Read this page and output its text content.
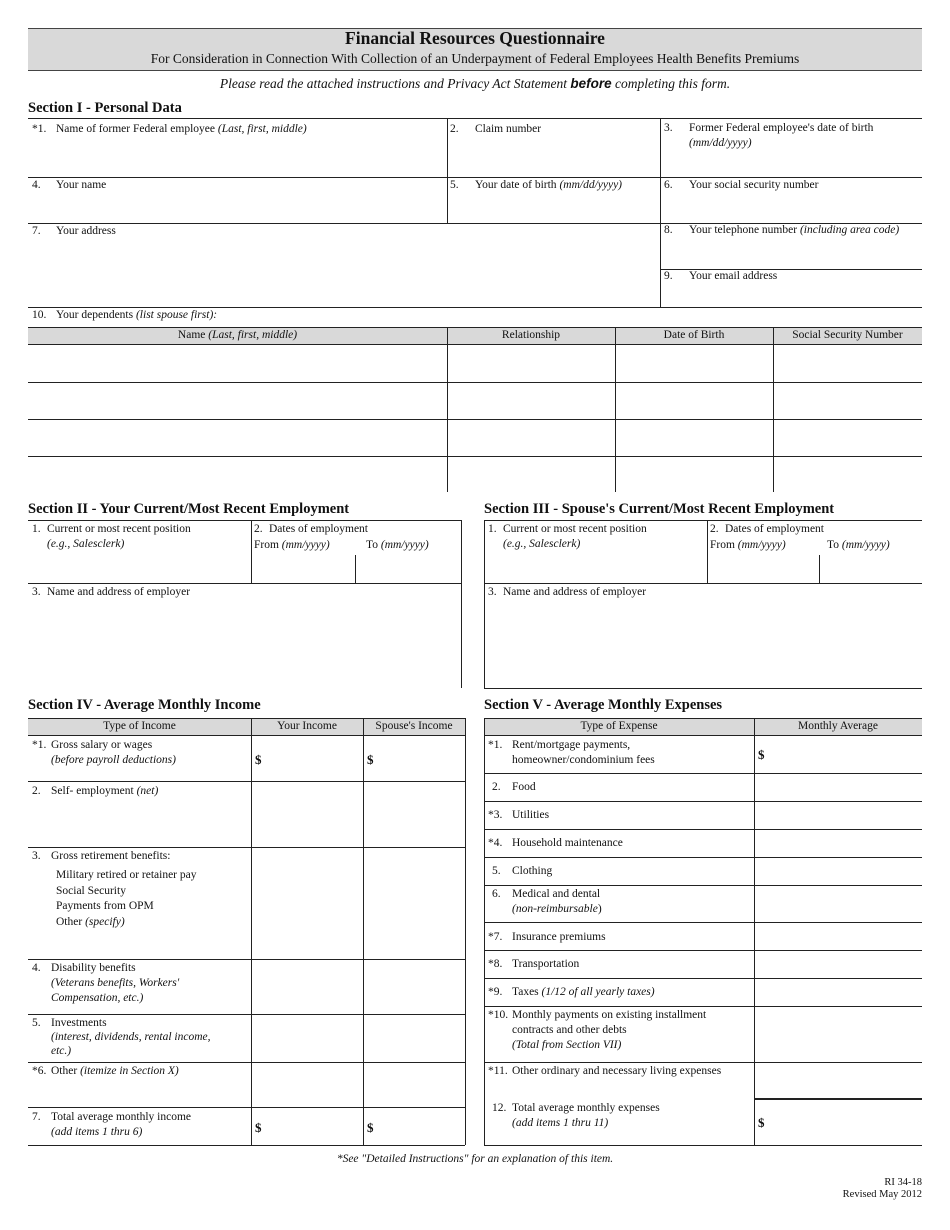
Financial Resources Questionnaire
For Consideration in Connection With Collection of an Underpayment of Federal Employees Health Benefits Premiums
Please read the attached instructions and Privacy Act Statement before completing this form.
Section I - Personal Data
*1. Name of former Federal employee (Last, first, middle)	2. Claim number	3. Former Federal employee's date of birth
(mm/dd/yyyy)
4. Your name	5. Your date of birth (mm/dd/yyyy)	6. Your social security number
7. Your address	8. Your telephone number (including area code)
9. Your email address
10. Your dependents (list spouse first):
Name (Last, first, middle)	Relationship	Date of Birth	Social Security Number
Section II - Your Current/Most Recent Employment
1. Current or most recent position
(e.g., Salesclerk)
2. Dates of employment
From (mm/yyyy)	To (mm/yyyy)
3. Name and address of employer
Section III - Spouse's Current/Most Recent Employment
1. Current or most recent position
(e.g., Salesclerk)
2. Dates of employment
From (mm/yyyy)	To (mm/yyyy)
3. Name and address of employer
Section IV - Average Monthly Income
Type of Income	Your Income	Spouse's Income
*1. Gross salary or wages
(before payroll deductions)	$	$
2. Self- employment (net)
3. Gross retirement benefits:
Military retired or retainer pay
Social Security
Payments from OPM
Other (specify)
4. Disability benefits
(Veterans benefits, Workers'
Compensation, etc.)
5. Investments
(interest, dividends, rental income,
etc.)
*6. Other (itemize in Section X)
7. Total average monthly income
(add items 1 thru 6)	$	$
Section V - Average Monthly Expenses
Type of Expense	Monthly Average
*1. Rent/mortgage payments,
homeowner/condominium fees	$
2. Food
*3. Utilities
*4. Household maintenance
5. Clothing
6. Medical and dental
(non-reimbursable)
*7. Insurance premiums
*8. Transportation
*9. Taxes (1/12 of all yearly taxes)
*10. Monthly payments on existing installment
contracts and other debts
(Total from Section VII)
*11. Other ordinary and necessary living expenses
12. Total average monthly expenses
(add items 1 thru 11)	$
*See "Detailed Instructions" for an explanation of this item.
RI 34-18
Revised May 2012
